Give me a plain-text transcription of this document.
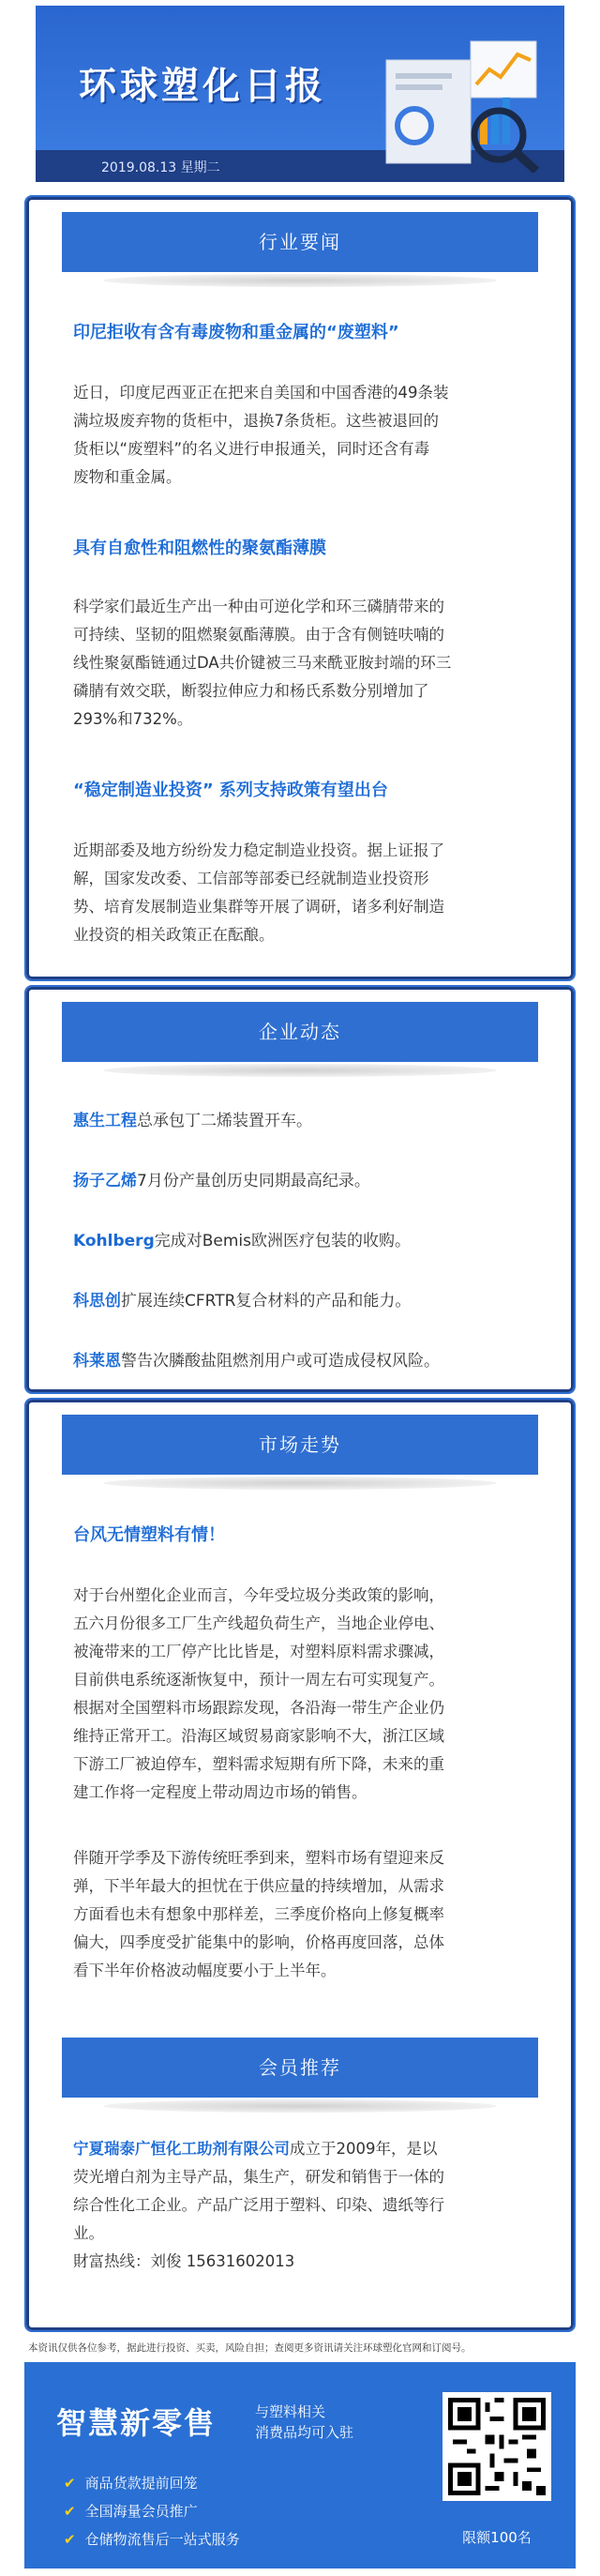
环球塑化日报
2019.08.13 星期二
行业要闻
印尼拒收有含有毒废物和重金属的“废塑料”
近日，印度尼西亚正在把来自美国和中国香港的49条装
满垃圾废弃物的货柜中，退换7条货柜。这些被退回的
货柜以“废塑料”的名义进行申报通关，同时还含有毒
废物和重金属。
具有自愈性和阻燃性的聚氨酯薄膜
科学家们最近生产出一种由可逆化学和环三磷腈带来的
可持续、坚韧的阻燃聚氨酯薄膜。由于含有侧链呋喃的
线性聚氨酯链通过DA共价键被三马来酰亚胺封端的环三
磷腈有效交联，断裂拉伸应力和杨氏系数分别增加了
293%和732%。
“稳定制造业投资” 系列支持政策有望出台
近期部委及地方纷纷发力稳定制造业投资。据上证报了
解，国家发改委、工信部等部委已经就制造业投资形
势、培育发展制造业集群等开展了调研，诸多利好制造
业投资的相关政策正在酝酿。
企业动态
惠生工程总承包丁二烯装置开车。
扬子乙烯7月份产量创历史同期最高纪录。
Kohlberg完成对Bemis欧洲医疗包装的收购。
科思创扩展连续CFRTR复合材料的产品和能力。
科莱恩警告次膦酸盐阻燃剂用户或可造成侵权风险。
市场走势
台风无情塑料有情！
对于台州塑化企业而言，今年受垃圾分类政策的影响，
五六月份很多工厂生产线超负荷生产，当地企业停电、
被淹带来的工厂停产比比皆是，对塑料原料需求骤减，
目前供电系统逐渐恢复中，预计一周左右可实现复产。
根据对全国塑料市场跟踪发现，各沿海一带生产企业仍
维持正常开工。沿海区域贸易商家影响不大，浙江区域
下游工厂被迫停车，塑料需求短期有所下降，未来的重
建工作将一定程度上带动周边市场的销售。
伴随开学季及下游传统旺季到来，塑料市场有望迎来反
弹，下半年最大的担忧在于供应量的持续增加，从需求
方面看也未有想象中那样差，三季度价格向上修复概率
偏大，四季度受扩能集中的影响，价格再度回落，总体
看下半年价格波动幅度要小于上半年。
会员推荐
宁夏瑞泰广恒化工助剂有限公司成立于2009年，是以
荧光增白剂为主导产品，集生产，研发和销售于一体的
综合性化工企业。产品广泛用于塑料、印染、遗纸等行
业。
財富热线：刘俊 15631602013
本资讯仅供各位参考，据此进行投资、买卖，风险自担；查阅更多资讯请关注环球塑化官网和订阅号。
智慧新零售	与塑料相关
消费品均可入驻
✔ 商品货款提前回笼
✔ 全国海量会员推广
✔ 仓储物流售后一站式服务	限额100名
